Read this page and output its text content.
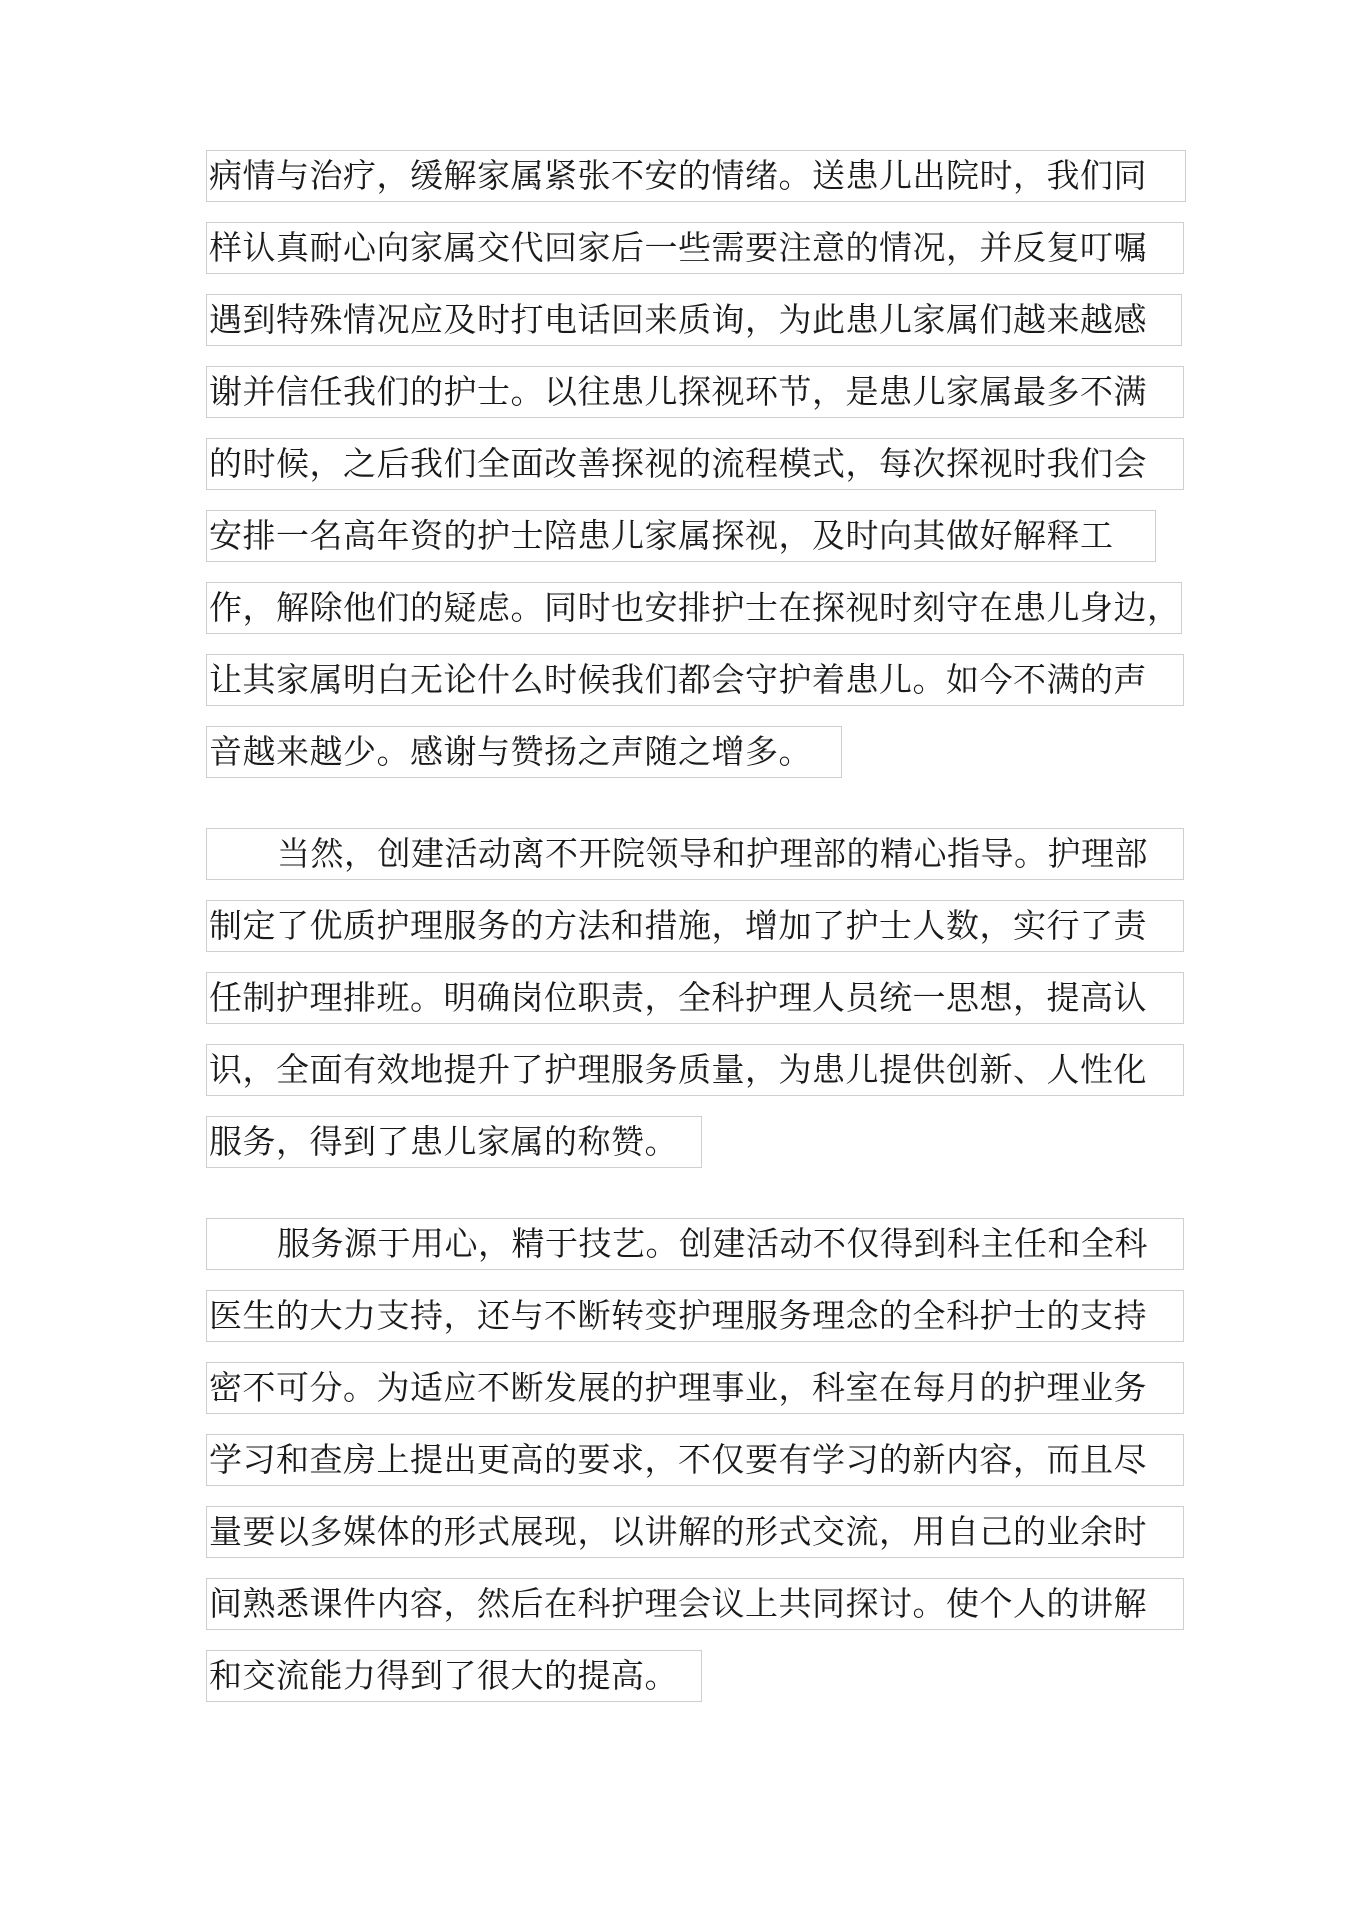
病情与治疗，缓解家属紧张不安的情绪。送患儿出院时，我们同
样认真耐心向家属交代回家后一些需要注意的情况，并反复叮嘱
遇到特殊情况应及时打电话回来质询，为此患儿家属们越来越感
谢并信任我们的护士。以往患儿探视环节，是患儿家属最多不满
的时候，之后我们全面改善探视的流程模式，每次探视时我们会
安排一名高年资的护士陪患儿家属探视，及时向其做好解释工
作，解除他们的疑虑。同时也安排护士在探视时刻守在患儿身边，
让其家属明白无论什么时候我们都会守护着患儿。如今不满的声
音越来越少。感谢与赞扬之声随之增多。
当然，创建活动离不开院领导和护理部的精心指导。护理部
制定了优质护理服务的方法和措施，增加了护士人数，实行了责
任制护理排班。明确岗位职责，全科护理人员统一思想，提高认
识，全面有效地提升了护理服务质量，为患儿提供创新、人性化
服务，得到了患儿家属的称赞。
服务源于用心，精于技艺。创建活动不仅得到科主任和全科
医生的大力支持，还与不断转变护理服务理念的全科护士的支持
密不可分。为适应不断发展的护理事业，科室在每月的护理业务
学习和查房上提出更高的要求，不仅要有学习的新内容，而且尽
量要以多媒体的形式展现，以讲解的形式交流，用自己的业余时
间熟悉课件内容，然后在科护理会议上共同探讨。使个人的讲解
和交流能力得到了很大的提高。
